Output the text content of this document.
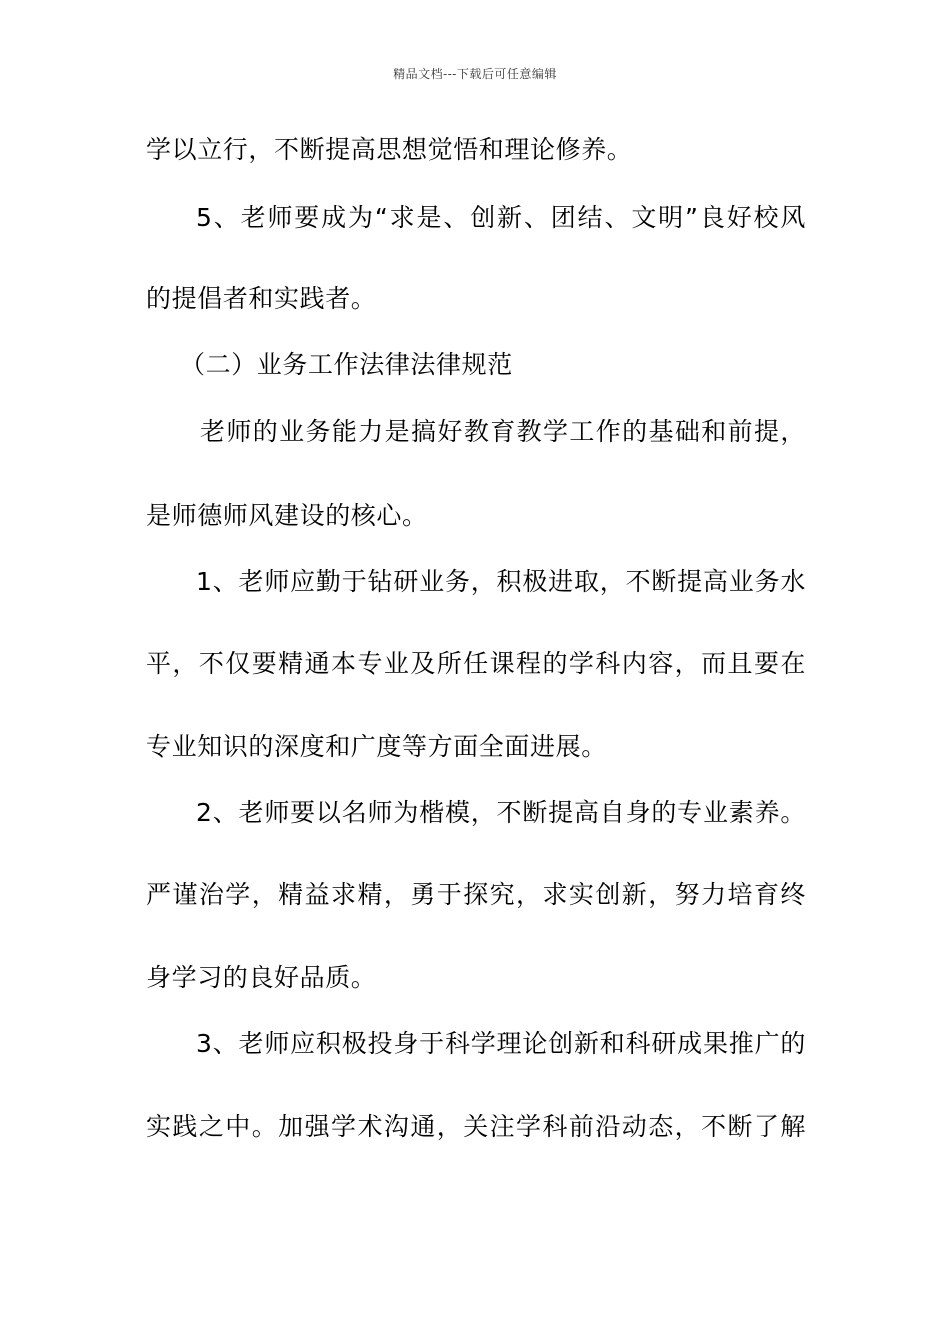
精品文档---下载后可任意编辑
学以立行，不断提高思想觉悟和理论修养。
5、老师要成为“求是、创新、团结、文明”良好校风
的提倡者和实践者。
（二）业务工作法律法律规范
老师的业务能力是搞好教育教学工作的基础和前提，
是师德师风建设的核心。
1、老师应勤于钻研业务，积极进取，不断提高业务水
平，不仅要精通本专业及所任课程的学科内容，而且要在
专业知识的深度和广度等方面全面进展。
2、老师要以名师为楷模，不断提高自身的专业素养。
严谨治学，精益求精，勇于探究，求实创新，努力培育终
身学习的良好品质。
3、老师应积极投身于科学理论创新和科研成果推广的
实践之中。加强学术沟通，关注学科前沿动态，不断了解
